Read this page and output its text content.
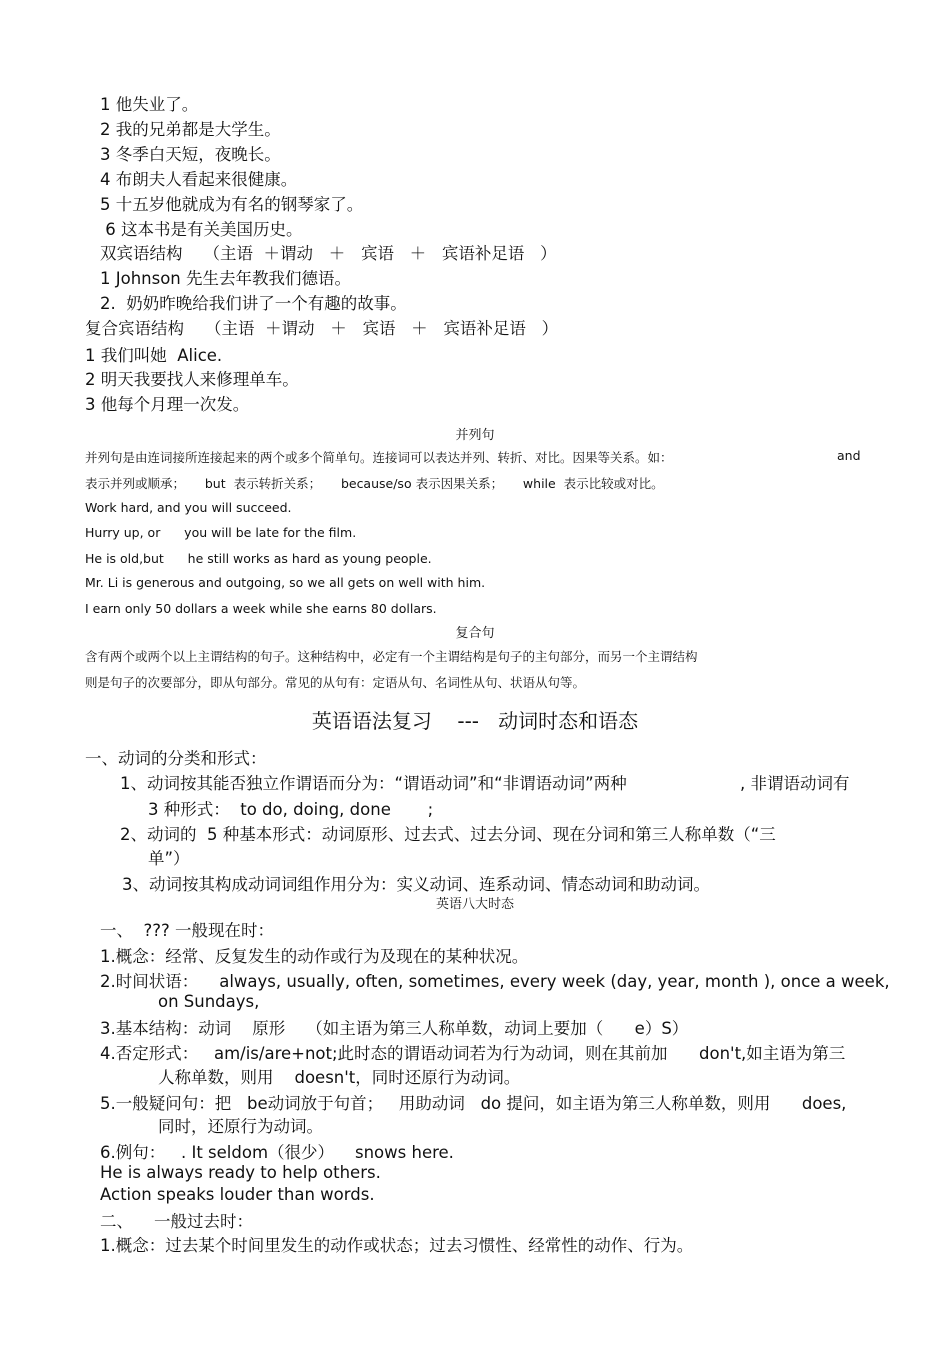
1 他失业了。
2 我的兄弟都是大学生。
3 冬季白天短，夜晚长。
4 布朗夫人看起来很健康。
5 十五岁他就成为有名的钢琴家了。
6 这本书是有关美国历史。
双宾语结构    （主语  ＋谓动   ＋   宾语   ＋   宾语补足语   ）
1 Johnson 先生去年教我们德语。
2.  奶奶昨晚给我们讲了一个有趣的故事。
复合宾语结构    （主语  ＋谓动   ＋   宾语   ＋   宾语补足语   ）
1 我们叫她  Alice.
2 明天我要找人来修理单车。
3 他每个月理一次发。
并列句
并列句是由连词接所连接起来的两个或多个简单句。连接词可以表达并列、转折、对比。因果等关系。如：	and
表示并列或顺承；     but  表示转折关系；     because/so 表示因果关系；     while  表示比较或对比。
Work hard, and you will succeed.
Hurry up, or      you will be late for the film.
He is old,but      he still works as hard as young people.
Mr. Li is generous and outgoing, so we all gets on well with him.
I earn only 50 dollars a week while she earns 80 dollars.
复合句
含有两个或两个以上主谓结构的句子。这种结构中，必定有一个主谓结构是句子的主句部分，而另一个主谓结构
则是句子的次要部分，即从句部分。常见的从句有：定语从句、名词性从句、状语从句等。
英语语法复习    ---   动词时态和语态
一、动词的分类和形式：
1、动词按其能否独立作谓语而分为：“谓语动词”和“非谓语动词”两种	, 非谓语动词有
3 种形式：  to do, doing, done       ;
2、动词的  5 种基本形式：动词原形、过去式、过去分词、现在分词和第三人称单数（“三
单”）
3、动词按其构成动词词组作用分为：实义动词、连系动词、情态动词和助动词。
英语八大时态
一、  ??? 一般现在时：
1.概念：经常、反复发生的动作或行为及现在的某种状况。
2.时间状语：    always, usually, often, sometimes, every week (day, year, month ), once a week,
on Sundays,
3.基本结构：动词    原形    （如主语为第三人称单数，动词上要加（      e）S）
4.否定形式：   am/is/are+not;此时态的谓语动词若为行为动词，则在其前加      don't,如主语为第三
人称单数，则用    doesn't，同时还原行为动词。
5.一般疑问句：把   be动词放于句首；   用助动词   do 提问，如主语为第三人称单数，则用      does,
同时，还原行为动词。
6.例句：   . It seldom（很少）    snows here.
He is always ready to help others.
Action speaks louder than words.
二、    一般过去时：
1.概念：过去某个时间里发生的动作或状态；过去习惯性、经常性的动作、行为。
